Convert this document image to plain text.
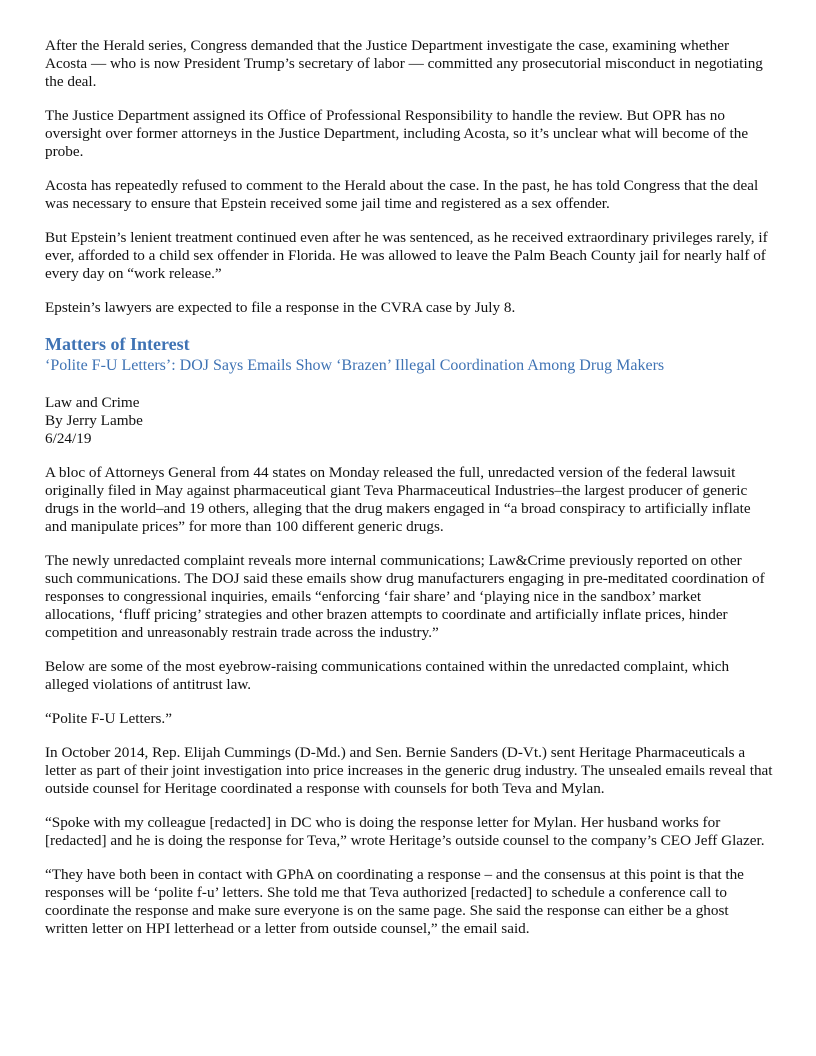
After the Herald series, Congress demanded that the Justice Department investigate the case, examining whether Acosta — who is now President Trump’s secretary of labor — committed any prosecutorial misconduct in negotiating the deal.

The Justice Department assigned its Office of Professional Responsibility to handle the review. But OPR has no oversight over former attorneys in the Justice Department, including Acosta, so it’s unclear what will become of the probe.

Acosta has repeatedly refused to comment to the Herald about the case. In the past, he has told Congress that the deal was necessary to ensure that Epstein received some jail time and registered as a sex offender.

But Epstein’s lenient treatment continued even after he was sentenced, as he received extraordinary privileges rarely, if ever, afforded to a child sex offender in Florida. He was allowed to leave the Palm Beach County jail for nearly half of every day on “work release.”

Epstein’s lawyers are expected to file a response in the CVRA case by July 8.

Matters of Interest
‘Polite F-U Letters’: DOJ Says Emails Show ‘Brazen’ Illegal Coordination Among Drug Makers
Law and Crime
By Jerry Lambe
6/24/19

A bloc of Attorneys General from 44 states on Monday released the full, unredacted version of the federal lawsuit originally filed in May against pharmaceutical giant Teva Pharmaceutical Industries–the largest producer of generic drugs in the world–and 19 others, alleging that the drug makers engaged in “a broad conspiracy to artificially inflate and manipulate prices” for more than 100 different generic drugs.

The newly unredacted complaint reveals more internal communications; Law&Crime previously reported on other such communications. The DOJ said these emails show drug manufacturers engaging in pre-meditated coordination of responses to congressional inquiries, emails “enforcing ‘fair share’ and ‘playing nice in the sandbox’ market allocations, ‘fluff pricing’ strategies and other brazen attempts to coordinate and artificially inflate prices, hinder competition and unreasonably restrain trade across the industry.”

Below are some of the most eyebrow-raising communications contained within the unredacted complaint, which alleged violations of antitrust law.

“Polite F-U Letters.”

In October 2014, Rep. Elijah Cummings (D-Md.) and Sen. Bernie Sanders (D-Vt.) sent Heritage Pharmaceuticals a letter as part of their joint investigation into price increases in the generic drug industry. The unsealed emails reveal that outside counsel for Heritage coordinated a response with counsels for both Teva and Mylan.

“Spoke with my colleague [redacted] in DC who is doing the response letter for Mylan. Her husband works for [redacted] and he is doing the response for Teva,” wrote Heritage’s outside counsel to the company’s CEO Jeff Glazer.

“They have both been in contact with GPhA on coordinating a response – and the consensus at this point is that the responses will be ‘polite f-u’ letters. She told me that Teva authorized [redacted] to schedule a conference call to coordinate the response and make sure everyone is on the same page. She said the response can either be a ghost written letter on HPI letterhead or a letter from outside counsel,” the email said.
